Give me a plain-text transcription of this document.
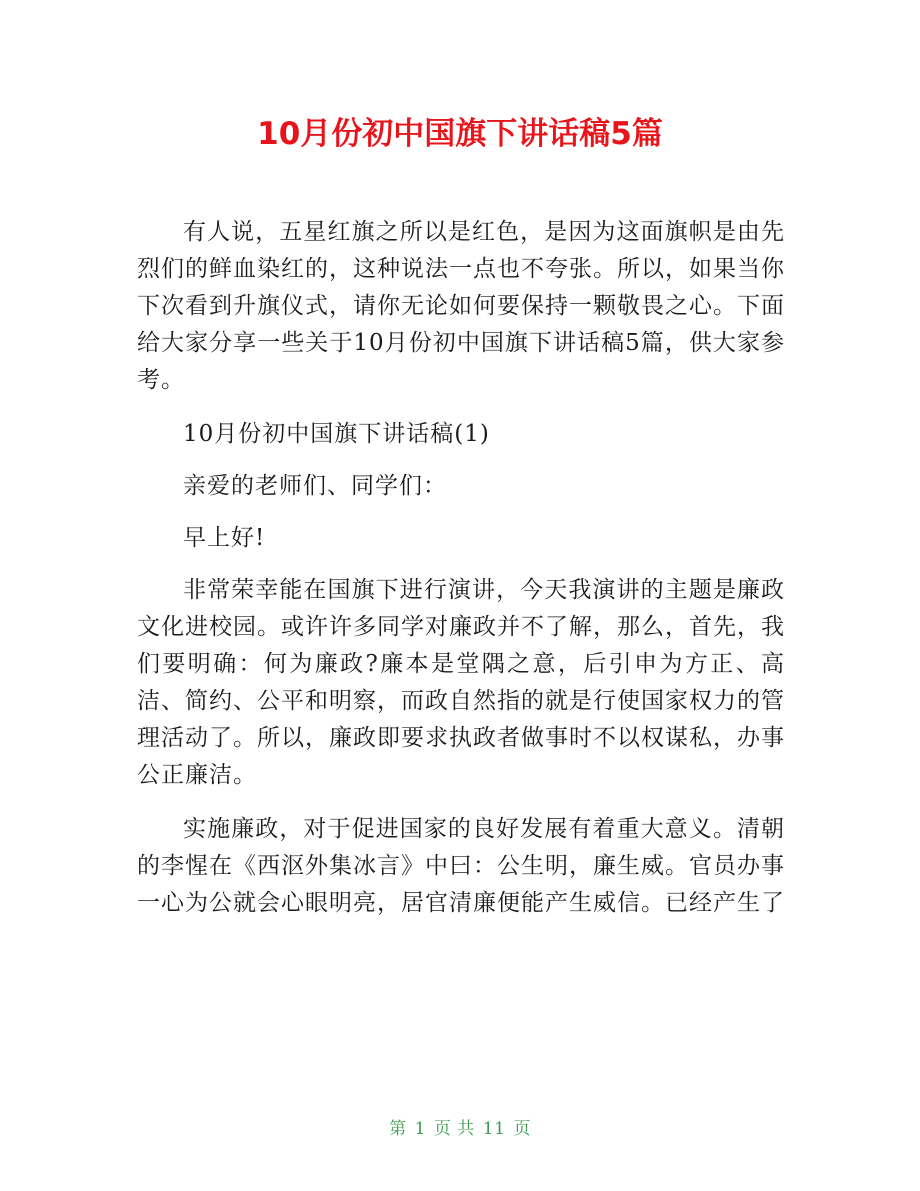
10月份初中国旗下讲话稿5篇

有人说，五星红旗之所以是红色，是因为这面旗帜是由先烈们的鲜血染红的，这种说法一点也不夸张。所以，如果当你下次看到升旗仪式，请你无论如何要保持一颗敬畏之心。下面给大家分享一些关于10月份初中国旗下讲话稿5篇，供大家参考。

10月份初中国旗下讲话稿(1)

亲爱的老师们、同学们：

早上好!

非常荣幸能在国旗下进行演讲，今天我演讲的主题是廉政文化进校园。或许许多同学对廉政并不了解，那么，首先，我们要明确：何为廉政?廉本是堂隅之意，后引申为方正、高洁、简约、公平和明察，而政自然指的就是行使国家权力的管理活动了。所以，廉政即要求执政者做事时不以权谋私，办事公正廉洁。

实施廉政，对于促进国家的良好发展有着重大意义。清朝的李惺在《西沤外集冰言》中曰：公生明，廉生威。官员办事一心为公就会心眼明亮，居官清廉便能产生威信。已经产生了

第 1 页 共 11 页
